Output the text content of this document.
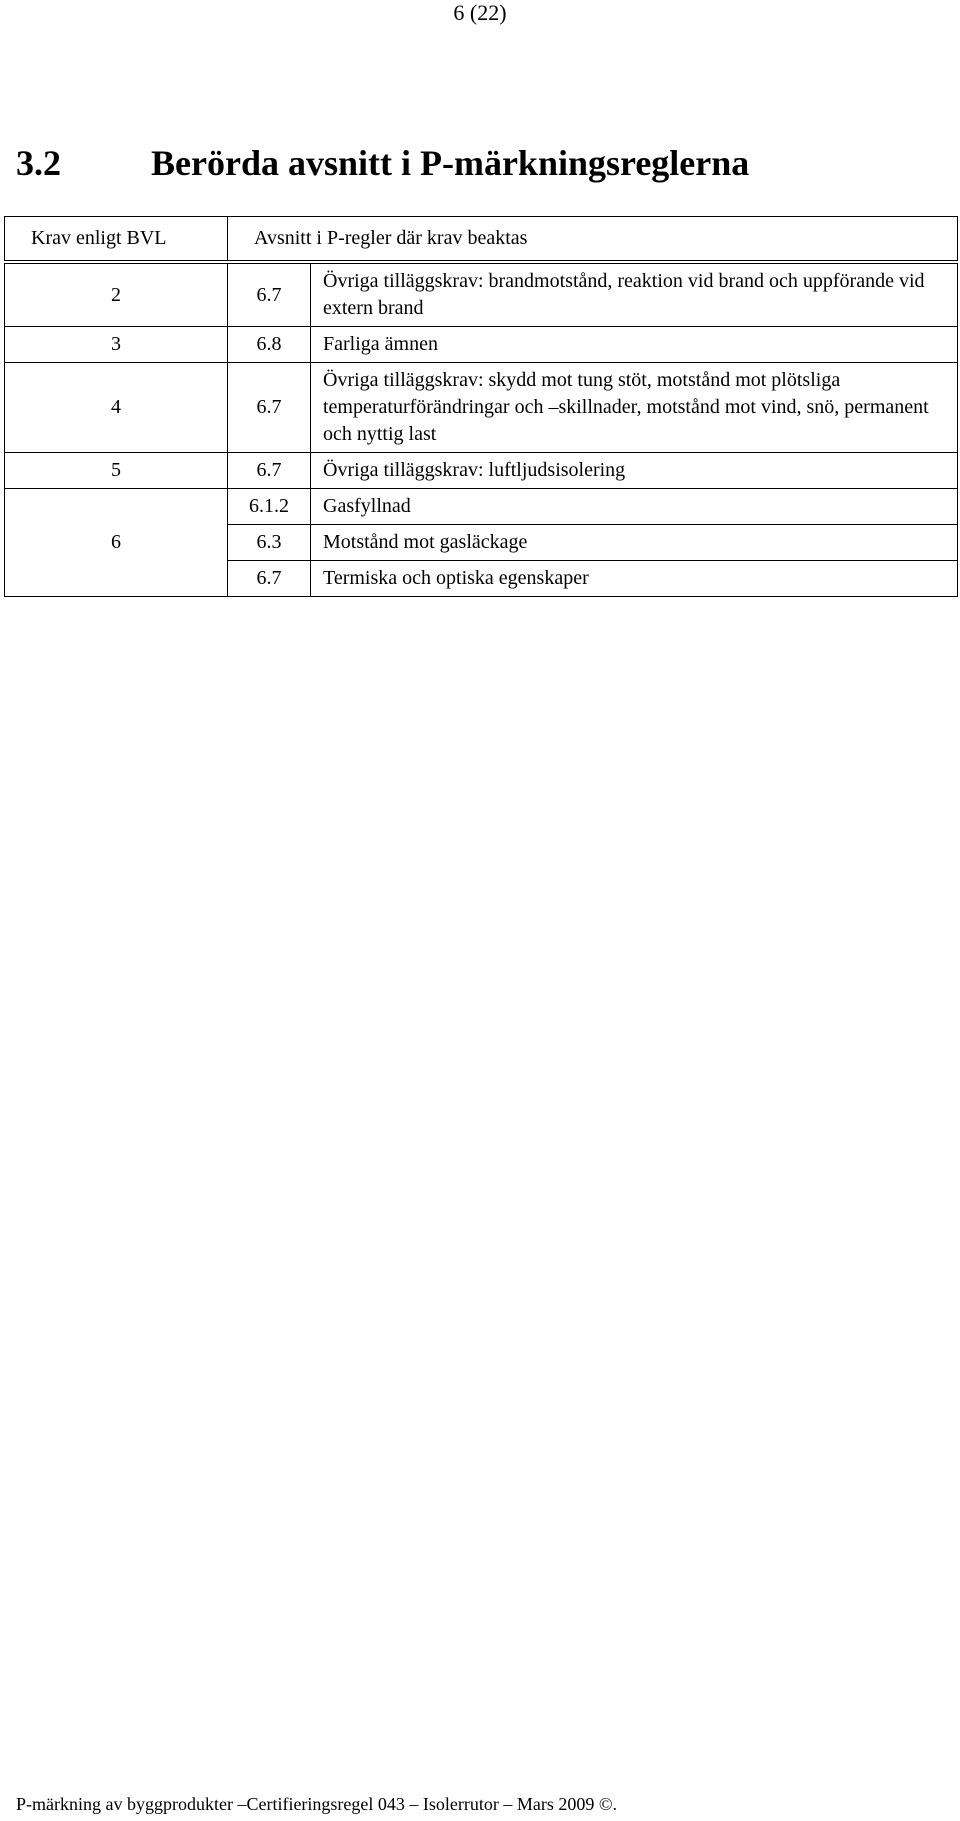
6 (22)
3.2	Berörda avsnitt i P-märkningsreglerna
Krav enligt BVL	Avsnitt i P-regler där krav beaktas	
2	6.7	Övriga tilläggskrav: brandmotstånd, reaktion vid brand och uppförande vid extern brand
3	6.8	Farliga ämnen
4	6.7	Övriga tilläggskrav: skydd mot tung stöt, motstånd mot plötsliga temperaturförändringar och –skillnader, motstånd mot vind, snö, permanent och nyttig last
5	6.7	Övriga tilläggskrav: luftljudsisolering
6	6.1.2	Gasfyllnad
	6.3	Motstånd mot gasläckage
	6.7	Termiska och optiska egenskaper
P-märkning av byggprodukter –Certifieringsregel 043 – Isolerrutor – Mars 2009 ©.
